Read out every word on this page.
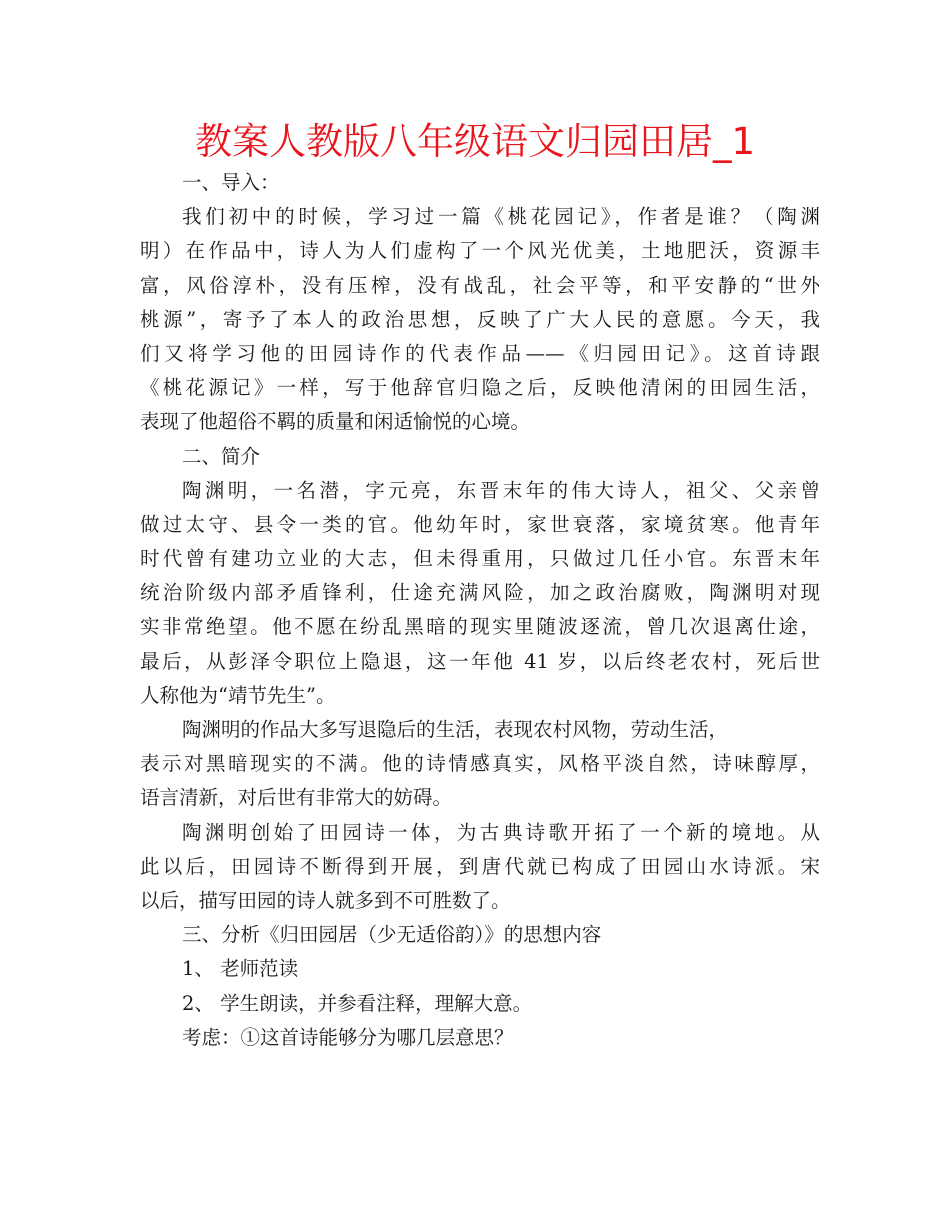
教案人教版八年级语文归园田居_1
一、导入：
我们初中的时候，学习过一篇《桃花园记》，作者是谁？（陶渊
明）在作品中，诗人为人们虚构了一个风光优美，土地肥沃，资源丰
富，风俗淳朴，没有压榨，没有战乱，社会平等，和平安静的“世外
桃源”，寄予了本人的政治思想，反映了广大人民的意愿。今天，我
们又将学习他的田园诗作的代表作品——《归园田记》。这首诗跟
《桃花源记》一样，写于他辞官归隐之后，反映他清闲的田园生活，
表现了他超俗不羁的质量和闲适愉悦的心境。
二、简介
陶渊明，一名潜，字元亮，东晋末年的伟大诗人，祖父、父亲曾
做过太守、县令一类的官。他幼年时，家世衰落，家境贫寒。他青年
时代曾有建功立业的大志，但未得重用，只做过几任小官。东晋末年
统治阶级内部矛盾锋利，仕途充满风险，加之政治腐败，陶渊明对现
实非常绝望。他不愿在纷乱黑暗的现实里随波逐流，曾几次退离仕途，
最后，从彭泽令职位上隐退，这一年他 41 岁，以后终老农村，死后世
人称他为“靖节先生”。
陶渊明的作品大多写退隐后的生活，表现农村风物，劳动生活，
表示对黑暗现实的不满。他的诗情感真实，风格平淡自然，诗味醇厚，
语言清新，对后世有非常大的妨碍。
陶渊明创始了田园诗一体，为古典诗歌开拓了一个新的境地。从
此以后，田园诗不断得到开展，到唐代就已构成了田园山水诗派。宋
以后，描写田园的诗人就多到不可胜数了。
三、分析《归田园居（少无适俗韵）》的思想内容
1、 老师范读
2、 学生朗读，并参看注释，理解大意。
考虑：①这首诗能够分为哪几层意思？
